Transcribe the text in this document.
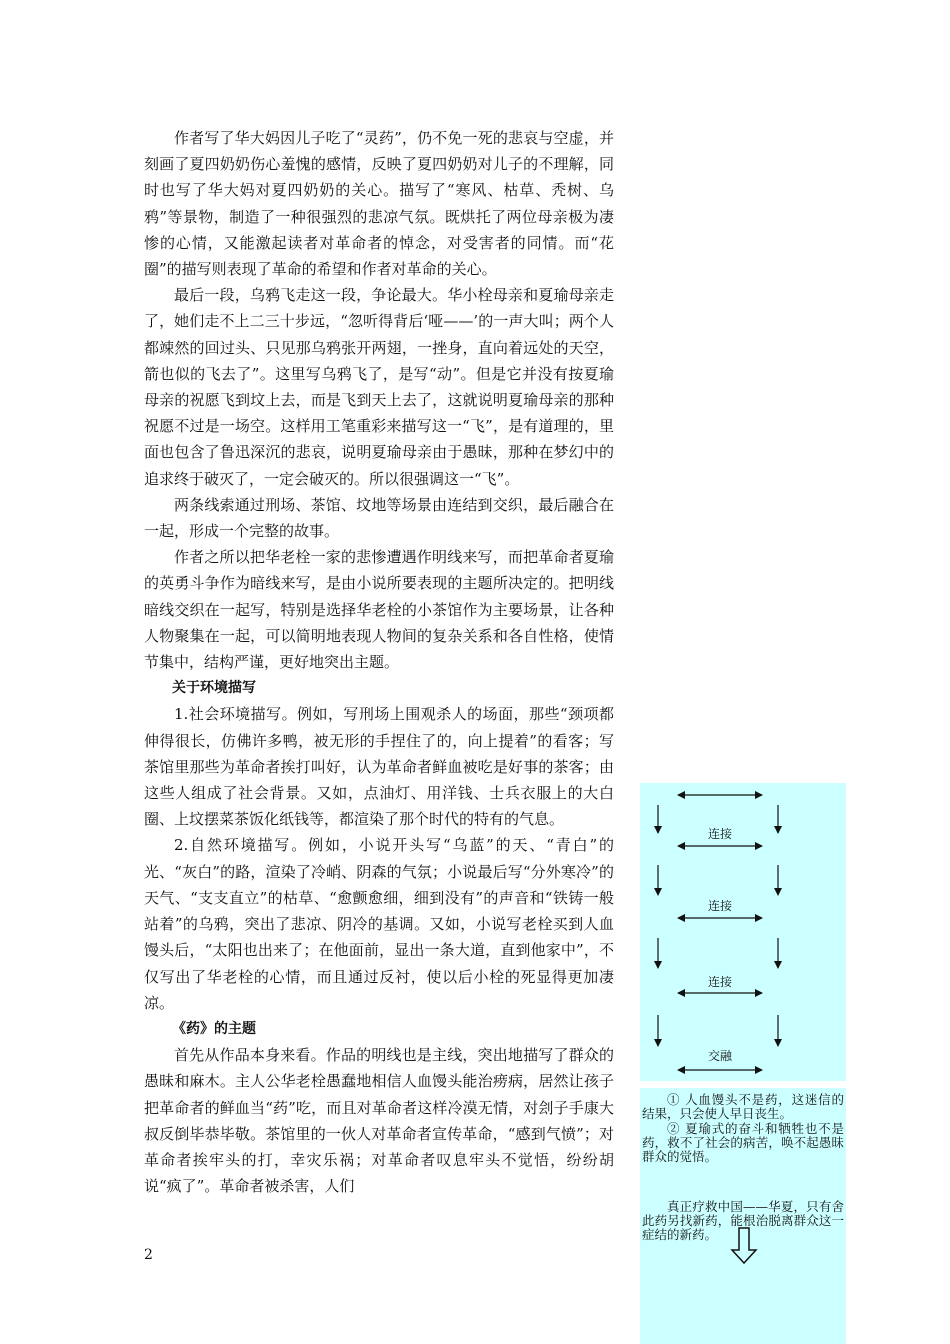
作者写了华大妈因儿子吃了“灵药”，仍不免一死的悲哀与空虚，并刻画了夏四奶奶伤心羞愧的感情，反映了夏四奶奶对儿子的不理解，同时也写了华大妈对夏四奶奶的关心。描写了“寒风、枯草、秃树、乌鸦”等景物，制造了一种很强烈的悲凉气氛。既烘托了两位母亲极为凄惨的心情，又能激起读者对革命者的悼念，对受害者的同情。而“花圈”的描写则表现了革命的希望和作者对革命的关心。

最后一段，乌鸦飞走这一段，争论最大。华小栓母亲和夏瑜母亲走了，她们走不上二三十步远，“忽听得背后‘哑——’的一声大叫；两个人都竦然的回过头、只见那乌鸦张开两翅，一挫身，直向着远处的天空，箭也似的飞去了”。这里写乌鸦飞了，是写“动”。但是它并没有按夏瑜母亲的祝愿飞到坟上去，而是飞到天上去了，这就说明夏瑜母亲的那种祝愿不过是一场空。这样用工笔重彩来描写这一“飞”，是有道理的，里面也包含了鲁迅深沉的悲哀，说明夏瑜母亲由于愚昧，那种在梦幻中的追求终于破灭了，一定会破灭的。所以很强调这一“飞”。

两条线索通过刑场、茶馆、坟地等场景由连结到交织，最后融合在一起，形成一个完整的故事。

作者之所以把华老栓一家的悲惨遭遇作明线来写，而把革命者夏瑜的英勇斗争作为暗线来写，是由小说所要表现的主题所决定的。把明线暗线交织在一起写，特别是选择华老栓的小茶馆作为主要场景，让各种人物聚集在一起，可以简明地表现人物间的复杂关系和各自性格，使情节集中，结构严谨，更好地突出主题。

关于环境描写

1.社会环境描写。例如，写刑场上围观杀人的场面，那些“颈项都伸得很长，仿佛许多鸭，被无形的手捏住了的，向上提着”的看客；写茶馆里那些为革命者挨打叫好，认为革命者鲜血被吃是好事的茶客；由这些人组成了社会背景。又如，点油灯、用洋钱、士兵衣服上的大白圈、上坟摆菜茶饭化纸钱等，都渲染了那个时代的特有的气息。

2.自然环境描写。例如，小说开头写“乌蓝”的天、“青白”的光、“灰白”的路，渲染了冷峭、阴森的气氛；小说最后写“分外寒冷”的天气、“支支直立”的枯草、“愈颤愈细，细到没有”的声音和“铁铸一般站着”的乌鸦，突出了悲凉、阴冷的基调。又如，小说写老栓买到人血馒头后，“太阳也出来了；在他面前，显出一条大道，直到他家中”，不仅写出了华老栓的心情，而且通过反衬，使以后小栓的死显得更加凄凉。

《药》的主题

首先从作品本身来看。作品的明线也是主线，突出地描写了群众的愚昧和麻木。主人公华老栓愚蠢地相信人血馒头能治痨病，居然让孩子把革命者的鲜血当“药”吃，而且对革命者这样冷漠无情，对刽子手康大叔反倒毕恭毕敬。茶馆里的一伙人对革命者宣传革命，“感到气愤”；对革命者挨牢头的打，幸灾乐祸；对革命者叹息牢头不觉悟，纷纷胡说“疯了”。革命者被杀害，人们

2
连接
连接
连接
交融

① 人血馒头不是药，这迷信的结果，只会使人早日丧生。

② 夏瑜式的奋斗和牺牲也不是药，救不了社会的病苦，唤不起愚昧群众的觉悟。

真正疗救中国——华夏，只有舍此药另找新药，能根治脱离群众这一症结的新药。
